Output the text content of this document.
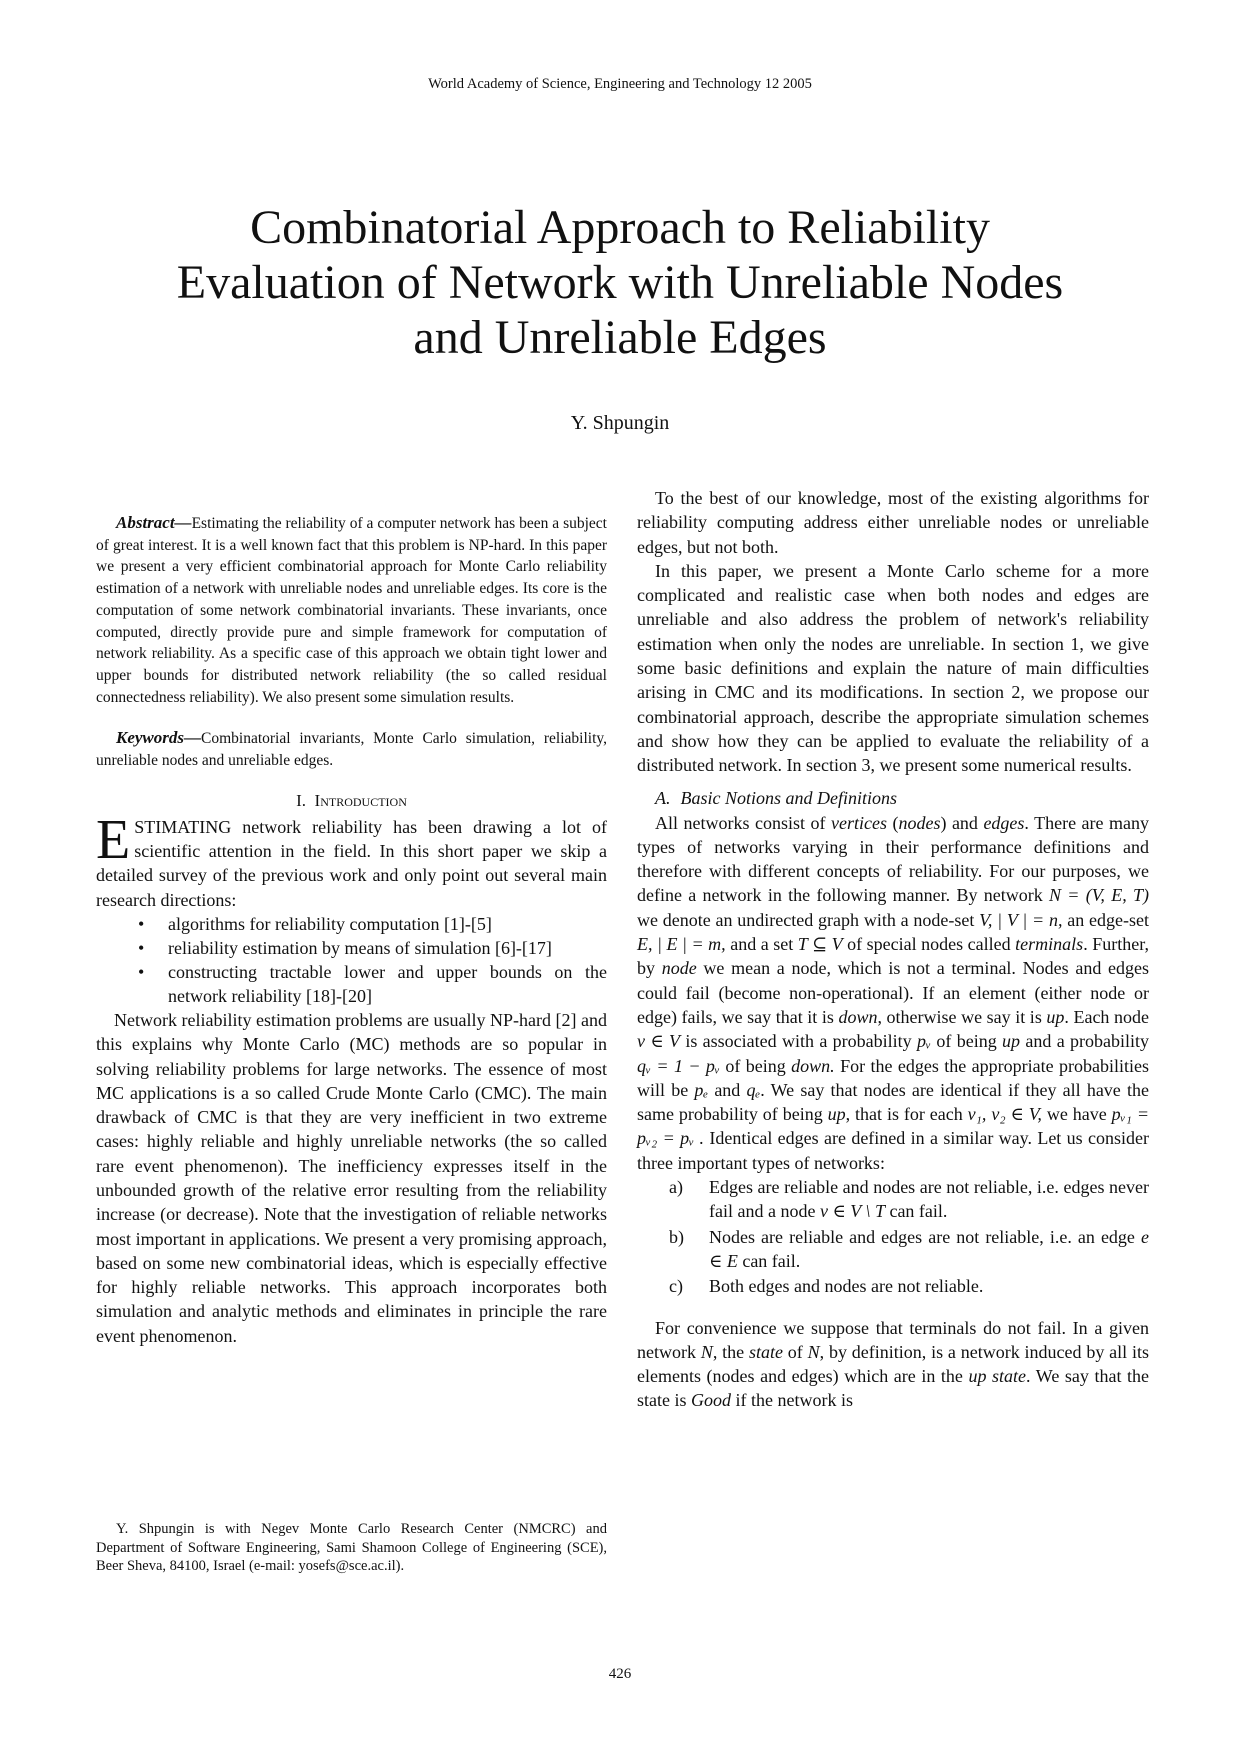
World Academy of Science, Engineering and Technology 12 2005
Combinatorial Approach to Reliability
Evaluation of Network with Unreliable Nodes
and Unreliable Edges
Y. Shpungin

Abstract—Estimating the reliability of a computer network has been a subject of great interest. It is a well known fact that this problem is NP-hard. In this paper we present a very efficient combinatorial approach for Monte Carlo reliability estimation of a network with unreliable nodes and unreliable edges. Its core is the computation of some network combinatorial invariants. These invariants, once computed, directly provide pure and simple framework for computation of network reliability. As a specific case of this approach we obtain tight lower and upper bounds for distributed network reliability (the so called residual connectedness reliability). We also present some simulation results.

Keywords—Combinatorial invariants, Monte Carlo simulation, reliability, unreliable nodes and unreliable edges.

I. Introduction

ESTIMATING network reliability has been drawing a lot of scientific attention in the field. In this short paper we skip a detailed survey of the previous work and only point out several main research directions:

• algorithms for reliability computation [1]-[5]
• reliability estimation by means of simulation [6]-[17]
• constructing tractable lower and upper bounds on the network reliability [18]-[20]

Network reliability estimation problems are usually NP-hard [2] and this explains why Monte Carlo (MC) methods are so popular in solving reliability problems for large networks. The essence of most MC applications is a so called Crude Monte Carlo (CMC). The main drawback of CMC is that they are very inefficient in two extreme cases: highly reliable and highly unreliable networks (the so called rare event phenomenon). The inefficiency expresses itself in the unbounded growth of the relative error resulting from the reliability increase (or decrease). Note that the investigation of reliable networks most important in applications. We present a very promising approach, based on some new combinatorial ideas, which is especially effective for highly reliable networks. This approach incorporates both simulation and analytic methods and eliminates in principle the rare event phenomenon.

Y. Shpungin is with Negev Monte Carlo Research Center (NMCRC) and Department of Software Engineering, Sami Shamoon College of Engineering (SCE), Beer Sheva, 84100, Israel (e-mail: yosefs@sce.ac.il).

To the best of our knowledge, most of the existing algorithms for reliability computing address either unreliable nodes or unreliable edges, but not both.

In this paper, we present a Monte Carlo scheme for a more complicated and realistic case when both nodes and edges are unreliable and also address the problem of network's reliability estimation when only the nodes are unreliable. In section 1, we give some basic definitions and explain the nature of main difficulties arising in CMC and its modifications. In section 2, we propose our combinatorial approach, describe the appropriate simulation schemes and show how they can be applied to evaluate the reliability of a distributed network. In section 3, we present some numerical results.

A. Basic Notions and Definitions

All networks consist of vertices (nodes) and edges. There are many types of networks varying in their performance definitions and therefore with different concepts of reliability. For our purposes, we define a network in the following manner. By network N = (V, E, T) we denote an undirected graph with a node-set V, | V | = n, an edge-set E, | E | = m, and a set T ⊆ V of special nodes called terminals. Further, by node we mean a node, which is not a terminal. Nodes and edges could fail (become non-operational). If an element (either node or edge) fails, we say that it is down, otherwise we say it is up. Each node v ∈ V is associated with a probability pᵥ of being up and a probability qᵥ = 1 − pᵥ of being down. For the edges the appropriate probabilities will be pₑ and qₑ. We say that nodes are identical if they all have the same probability of being up, that is for each v₁, v₂ ∈ V, we have pᵥ₁ = pᵥ₂ = pᵥ . Identical edges are defined in a similar way. Let us consider three important types of networks:

a) Edges are reliable and nodes are not reliable, i.e. edges never fail and a node v ∈ V \ T can fail.
b) Nodes are reliable and edges are not reliable, i.e. an edge e ∈ E can fail.
c) Both edges and nodes are not reliable.

For convenience we suppose that terminals do not fail. In a given network N, the state of N, by definition, is a network induced by all its elements (nodes and edges) which are in the up state. We say that the state is Good if the network is

426
